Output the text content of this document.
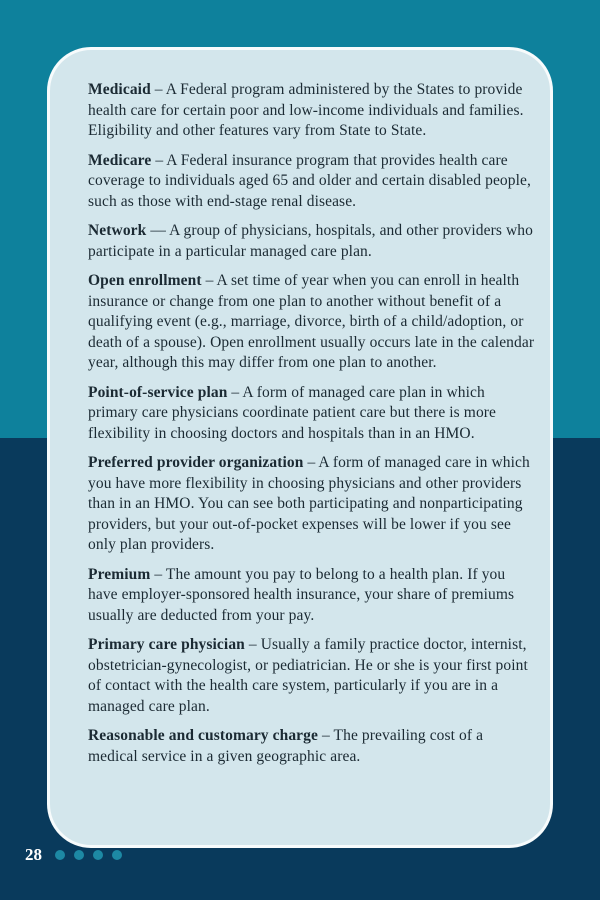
Medicaid – A Federal program administered by the States to provide health care for certain poor and low-income individuals and families. Eligibility and other features vary from State to State.

Medicare – A Federal insurance program that provides health care coverage to individuals aged 65 and older and certain disabled people, such as those with end-stage renal disease.

Network — A group of physicians, hospitals, and other providers who participate in a particular managed care plan.

Open enrollment – A set time of year when you can enroll in health insurance or change from one plan to another without benefit of a qualifying event (e.g., marriage, divorce, birth of a child/adoption, or death of a spouse). Open enrollment usually occurs late in the calendar year, although this may differ from one plan to another.

Point-of-service plan – A form of managed care plan in which primary care physicians coordinate patient care but there is more flexibility in choosing doctors and hospitals than in an HMO.

Preferred provider organization – A form of managed care in which you have more flexibility in choosing physicians and other providers than in an HMO. You can see both participating and nonparticipating providers, but your out-of-pocket expenses will be lower if you see only plan providers.

Premium – The amount you pay to belong to a health plan. If you have employer-sponsored health insurance, your share of premiums usually are deducted from your pay.

Primary care physician – Usually a family practice doctor, internist, obstetrician-gynecologist, or pediatrician. He or she is your first point of contact with the health care system, particularly if you are in a managed care plan.

Reasonable and customary charge – The prevailing cost of a medical service in a given geographic area.

28
